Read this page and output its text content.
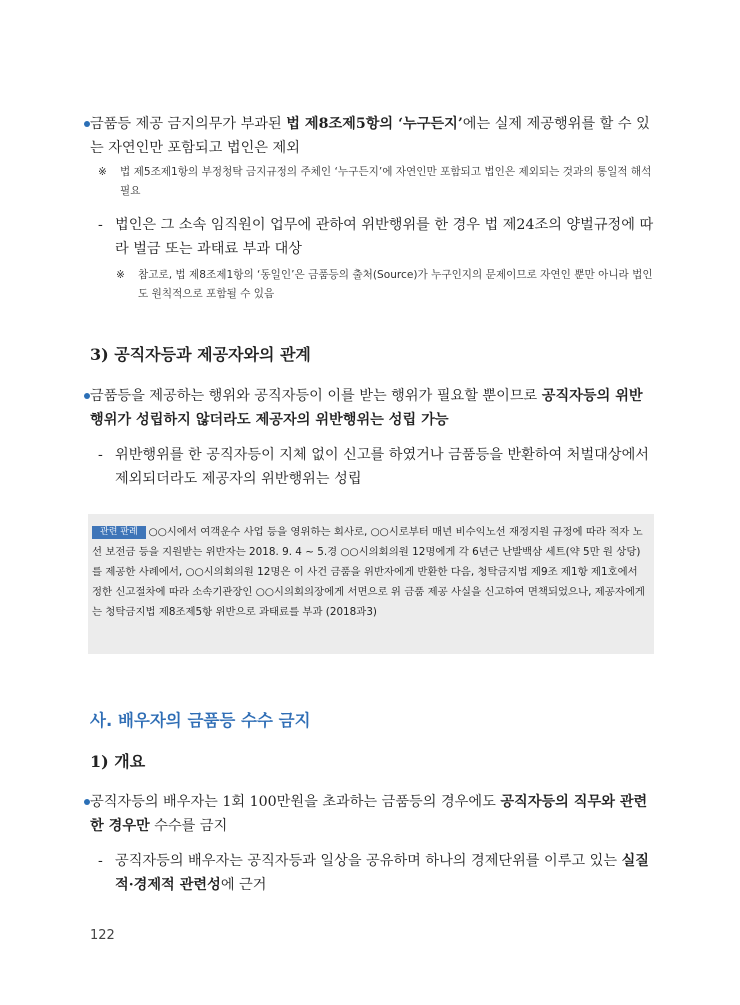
금품등 제공 금지의무가 부과된 법 제8조제5항의 ‘누구든지’에는 실제 제공행위를 할 수 있는 자연인만 포함되고 법인은 제외
※ 법 제5조제1항의 부정청탁 금지규정의 주체인 ‘누구든지’에 자연인만 포함되고 법인은 제외되는 것과의 통일적 해석 필요
- 법인은 그 소속 임직원이 업무에 관하여 위반행위를 한 경우 법 제24조의 양벌규정에 따라 벌금 또는 과태료 부과 대상
※ 참고로, 법 제8조제1항의 ‘동일인’은 금품등의 출처(Source)가 누구인지의 문제이므로 자연인 뿐만 아니라 법인도 원칙적으로 포함될 수 있음
3) 공직자등과 제공자와의 관계
금품등을 제공하는 행위와 공직자등이 이를 받는 행위가 필요할 뿐이므로 공직자등의 위반행위가 성립하지 않더라도 제공자의 위반행위는 성립 가능
- 위반행위를 한 공직자등이 지체 없이 신고를 하였거나 금품등을 반환하여 처벌대상에서 제외되더라도 제공자의 위반행위는 성립
관련 판례 ○○시에서 여객운수 사업 등을 영위하는 회사로, ○○시로부터 매년 비수익노선 재정지원 규정에 따라 적자 노선 보전금 등을 지원받는 위반자는 2018. 9. 4 ~ 5.경 ○○시의회의원 12명에게 각 6년근 난발백삼 세트(약 5만 원 상당)를 제공한 사례에서, ○○시의회의원 12명은 이 사건 금품을 위반자에게 반환한 다음, 청탁금지법 제9조 제1항 제1호에서 정한 신고절차에 따라 소속기관장인 ○○시의회의장에게 서면으로 위 금품 제공 사실을 신고하여 면책되었으나, 제공자에게는 청탁금지법 제8조제5항 위반으로 과태료를 부과 (2018과3)
사. 배우자의 금품등 수수 금지
1) 개요
공직자등의 배우자는 1회 100만원을 초과하는 금품등의 경우에도 공직자등의 직무와 관련한 경우만 수수를 금지
- 공직자등의 배우자는 공직자등과 일상을 공유하며 하나의 경제단위를 이루고 있는 실질적·경제적 관련성에 근거
122
